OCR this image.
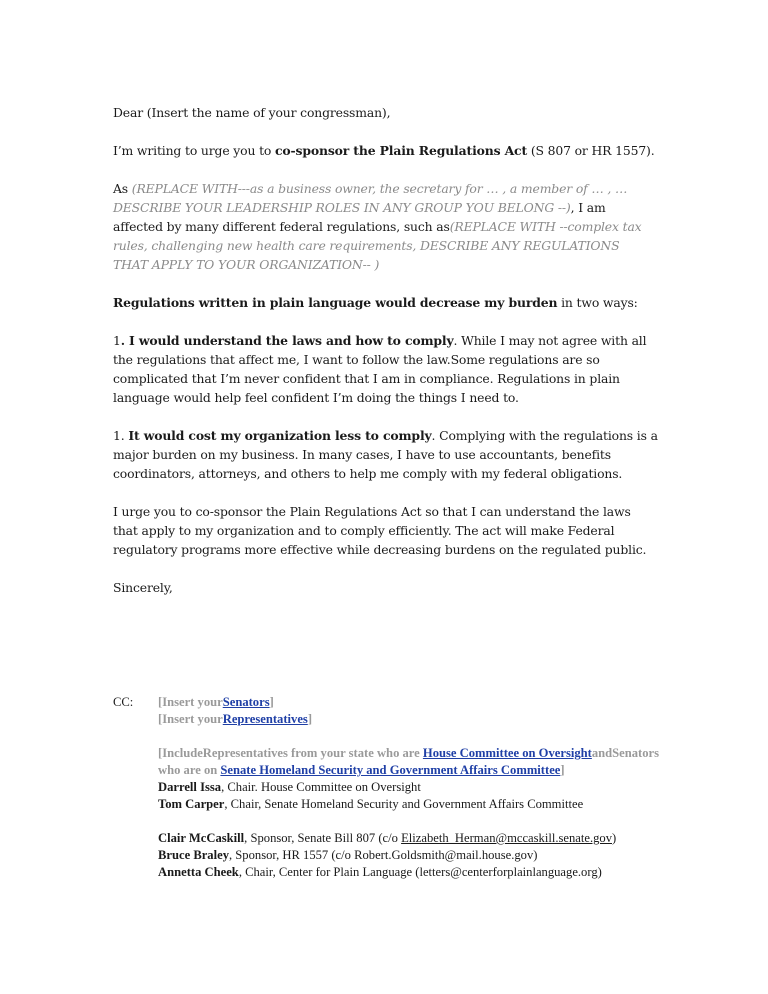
Dear (Insert the name of your congressman),

I’m writing to urge you to co-sponsor the Plain Regulations Act (S 807 or HR 1557).

As (REPLACE WITH---as a business owner, the secretary for … , a member of … , … DESCRIBE YOUR LEADERSHIP ROLES IN ANY GROUP YOU BELONG --), I am affected by many different federal regulations, such as(REPLACE WITH --complex tax rules, challenging new health care requirements, DESCRIBE ANY REGULATIONS THAT APPLY TO YOUR ORGANIZATION-- )

Regulations written in plain language would decrease my burden in two ways:

1. I would understand the laws and how to comply. While I may not agree with all the regulations that affect me, I want to follow the law.Some regulations are so complicated that I’m never confident that I am in compliance. Regulations in plain language would help feel confident I’m doing the things I need to.

1. It would cost my organization less to comply. Complying with the regulations is a major burden on my business. In many cases, I have to use accountants, benefits coordinators, attorneys, and others to help me comply with my federal obligations.

I urge you to co-sponsor the Plain Regulations Act so that I can understand the laws that apply to my organization and to comply efficiently. The act will make Federal regulatory programs more effective while decreasing burdens on the regulated public.

Sincerely,

CC: [Insert yourSenators]

[Insert yourRepresentatives]

[IncludeRepresentatives from your state who are House Committee on OversightandSenators who are on Senate Homeland Security and Government Affairs Committee]

Darrell Issa, Chair. House Committee on Oversight

Tom Carper, Chair, Senate Homeland Security and Government Affairs Committee

Clair McCaskill, Sponsor, Senate Bill 807 (c/o Elizabeth_Herman@mccaskill.senate.gov)

Bruce Braley, Sponsor, HR 1557 (c/o Robert.Goldsmith@mail.house.gov)

Annetta Cheek, Chair, Center for Plain Language (letters@centerforplainlanguage.org)
